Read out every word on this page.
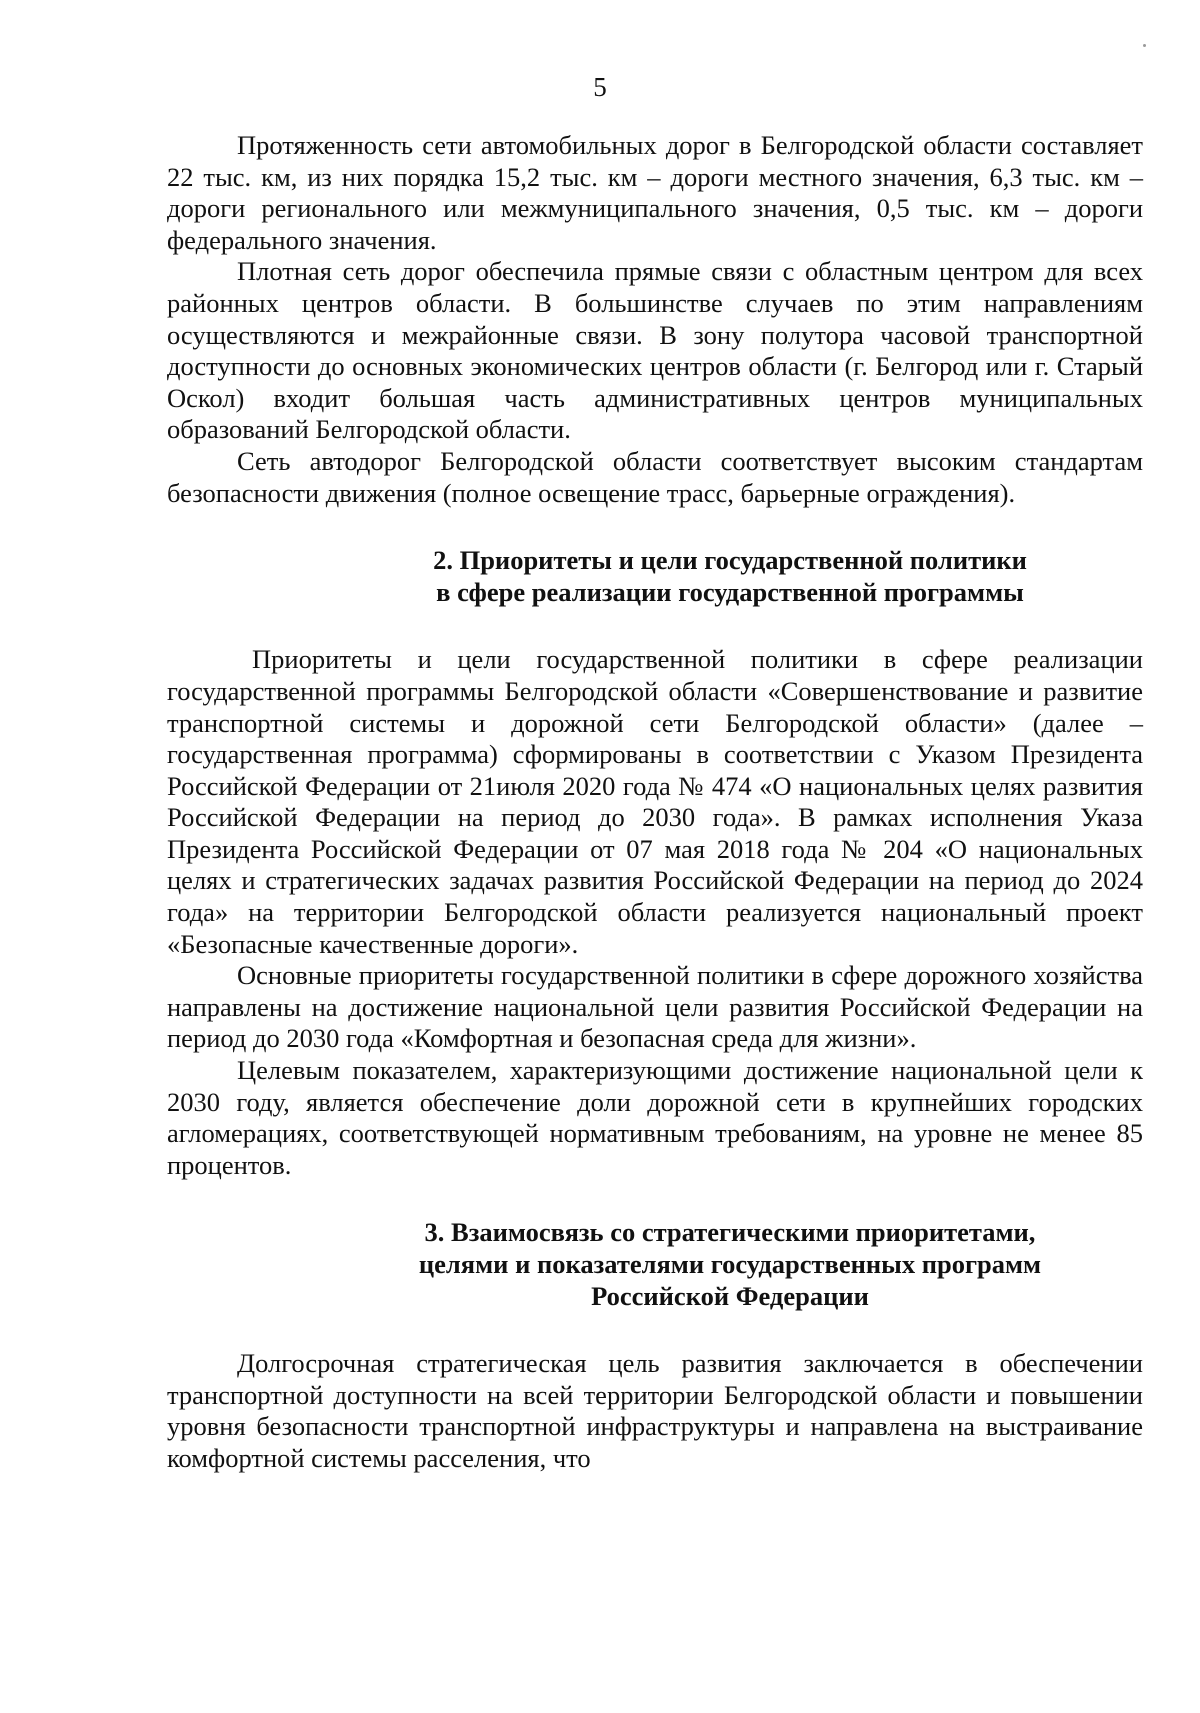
5

Протяженность сети автомобильных дорог в Белгородской области составляет 22 тыс. км, из них порядка 15,2 тыс. км – дороги местного значения, 6,3 тыс. км – дороги регионального или межмуниципального значения, 0,5 тыс. км – дороги федерального значения.

Плотная сеть дорог обеспечила прямые связи с областным центром для всех районных центров области. В большинстве случаев по этим направлениям осуществляются и межрайонные связи. В зону полутора часовой транспортной доступности до основных экономических центров области (г. Белгород или г. Старый Оскол) входит большая часть административных центров муниципальных образований Белгородской области.

Сеть автодорог Белгородской области соответствует высоким стандартам безопасности движения (полное освещение трасс, барьерные ограждения).

2. Приоритеты и цели государственной политики

в сфере реализации государственной программы

Приоритеты и цели государственной политики в сфере реализации государственной программы Белгородской области «Совершенствование и развитие транспортной системы и дорожной сети Белгородской области» (далее – государственная программа) сформированы в соответствии с Указом Президента Российской Федерации от 21июля 2020 года № 474 «О национальных целях развития Российской Федерации на период до 2030 года». В рамках исполнения Указа Президента Российской Федерации от 07 мая 2018 года № 204 «О национальных целях и стратегических задачах развития Российской Федерации на период до 2024 года» на территории Белгородской области реализуется национальный проект «Безопасные качественные дороги».

Основные приоритеты государственной политики в сфере дорожного хозяйства направлены на достижение национальной цели развития Российской Федерации на период до 2030 года «Комфортная и безопасная среда для жизни».

Целевым показателем, характеризующими достижение национальной цели к 2030 году, является обеспечение доли дорожной сети в крупнейших городских агломерациях, соответствующей нормативным требованиям, на уровне не менее 85 процентов.

3. Взаимосвязь со стратегическими приоритетами,

целями и показателями государственных программ

Российской Федерации

Долгосрочная стратегическая цель развития заключается в обеспечении транспортной доступности на всей территории Белгородской области и повышении уровня безопасности транспортной инфраструктуры и направлена на выстраивание комфортной системы расселения, что
